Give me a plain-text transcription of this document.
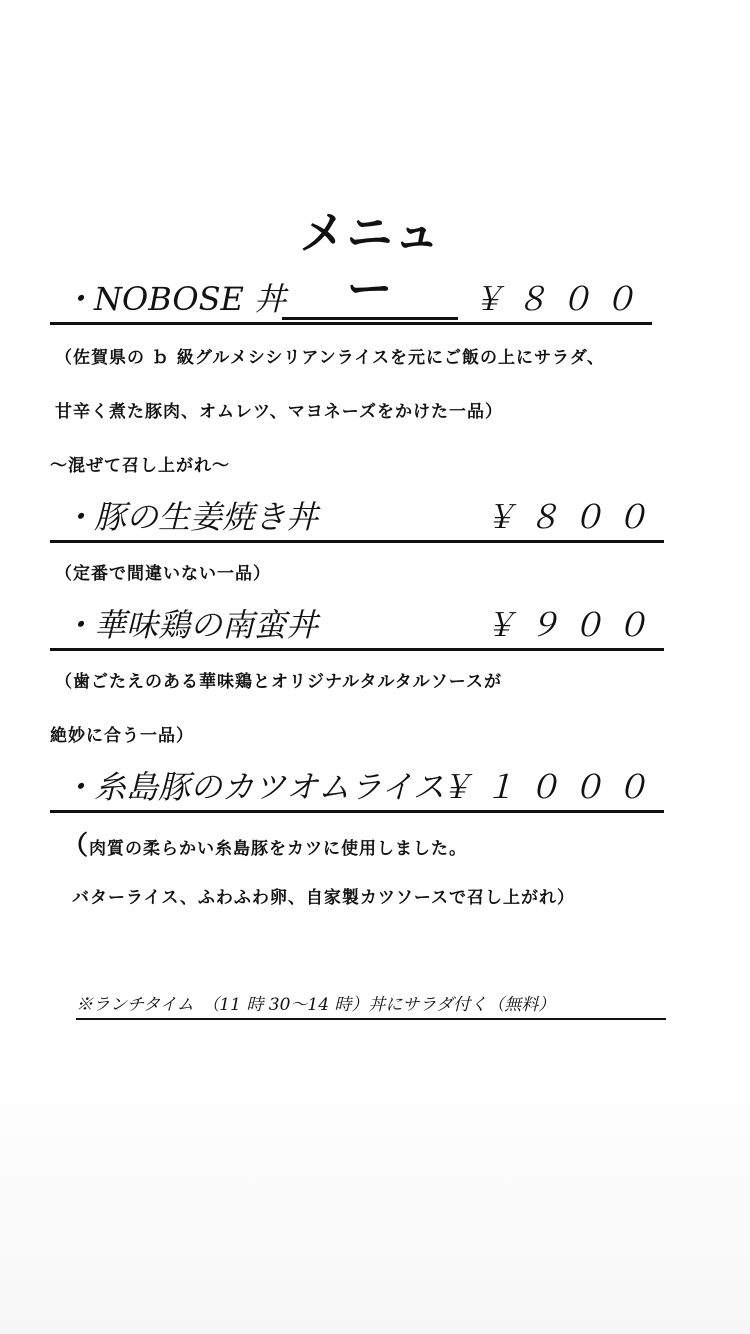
メニュー
・NOBOSE 丼	￥８００
（佐賀県の ｂ 級グルメシシリアンライスを元にご飯の上にサラダ、
甘辛く煮た豚肉、オムレツ、マヨネーズをかけた一品）
〜混ぜて召し上がれ〜
・豚の生姜焼き丼	￥８００
（定番で間違いない一品）
・華味鶏の南蛮丼	￥９００
（歯ごたえのある華味鶏とオリジナルタルタルソースが
絶妙に合う一品）
・糸島豚のカツオムライス
￥１０００
（肉質の柔らかい糸島豚をカツに使用しました。
バターライス、ふわふわ卵、自家製カツソースで召し上がれ）
※ランチタイム　（11 時 30〜14 時）丼にサラダ付く（無料）
